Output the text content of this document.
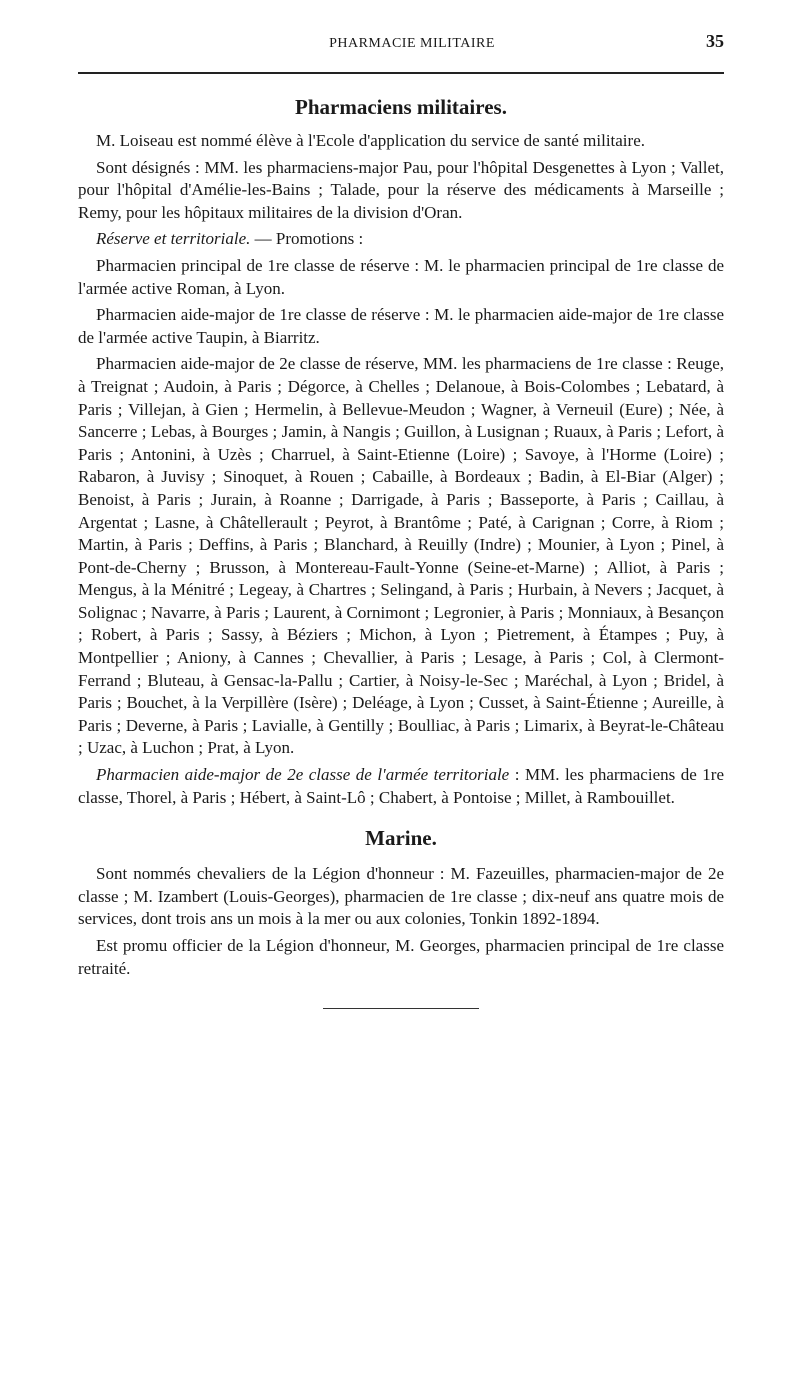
PHARMACIE MILITAIRE	35
Pharmaciens militaires.

M. Loiseau est nommé élève à l'Ecole d'application du service de santé militaire.

Sont désignés : MM. les pharmaciens-major Pau, pour l'hôpital Desgenettes à Lyon ; Vallet, pour l'hôpital d'Amélie-les-Bains ; Talade, pour la réserve des médicaments à Marseille ; Remy, pour les hôpitaux militaires de la division d'Oran.

Réserve et territoriale. — Promotions :

Pharmacien principal de 1re classe de réserve : M. le pharmacien principal de 1re classe de l'armée active Roman, à Lyon.

Pharmacien aide-major de 1re classe de réserve : M. le pharmacien aide-major de 1re classe de l'armée active Taupin, à Biarritz.

Pharmacien aide-major de 2e classe de réserve, MM. les pharmaciens de 1re classe : Reuge, à Treignat ; Audoin, à Paris ; Dégorce, à Chelles ; Delanoue, à Bois-Colombes ; Lebatard, à Paris ; Villejan, à Gien ; Hermelin, à Bellevue-Meudon ; Wagner, à Verneuil (Eure) ; Née, à Sancerre ; Lebas, à Bourges ; Jamin, à Nangis ; Guillon, à Lusignan ; Ruaux, à Paris ; Lefort, à Paris ; Antonini, à Uzès ; Charruel, à Saint-Etienne (Loire) ; Savoye, à l'Horme (Loire) ; Rabaron, à Juvisy ; Sinoquet, à Rouen ; Cabaille, à Bordeaux ; Badin, à El-Biar (Alger) ; Benoist, à Paris ; Jurain, à Roanne ; Darrigade, à Paris ; Basseporte, à Paris ; Caillau, à Argentat ; Lasne, à Châtellerault ; Peyrot, à Brantôme ; Paté, à Carignan ; Corre, à Riom ; Martin, à Paris ; Deffins, à Paris ; Blanchard, à Reuilly (Indre) ; Mounier, à Lyon ; Pinel, à Pont-de-Cherny ; Brusson, à Montereau-Fault-Yonne (Seine-et-Marne) ; Alliot, à Paris ; Mengus, à la Ménitré ; Legeay, à Chartres ; Selingand, à Paris ; Hurbain, à Nevers ; Jacquet, à Solignac ; Navarre, à Paris ; Laurent, à Cornimont ; Legronier, à Paris ; Monniaux, à Besançon ; Robert, à Paris ; Sassy, à Béziers ; Michon, à Lyon ; Pietrement, à Étampes ; Puy, à Montpellier ; Aniony, à Cannes ; Chevallier, à Paris ; Lesage, à Paris ; Col, à Clermont-Ferrand ; Bluteau, à Gensac-la-Pallu ; Cartier, à Noisy-le-Sec ; Maréchal, à Lyon ; Bridel, à Paris ; Bouchet, à la Verpillère (Isère) ; Deléage, à Lyon ; Cusset, à Saint-Étienne ; Aureille, à Paris ; Deverne, à Paris ; Lavialle, à Gentilly ; Boulliac, à Paris ; Limarix, à Beyrat-le-Château ; Uzac, à Luchon ; Prat, à Lyon.

Pharmacien aide-major de 2e classe de l'armée territoriale : MM. les pharmaciens de 1re classe, Thorel, à Paris ; Hébert, à Saint-Lô ; Chabert, à Pontoise ; Millet, à Rambouillet.

Marine.

Sont nommés chevaliers de la Légion d'honneur : M. Fazeuilles, pharmacien-major de 2e classe ; M. Izambert (Louis-Georges), pharmacien de 1re classe ; dix-neuf ans quatre mois de services, dont trois ans un mois à la mer ou aux colonies, Tonkin 1892-1894.

Est promu officier de la Légion d'honneur, M. Georges, pharmacien principal de 1re classe retraité.
